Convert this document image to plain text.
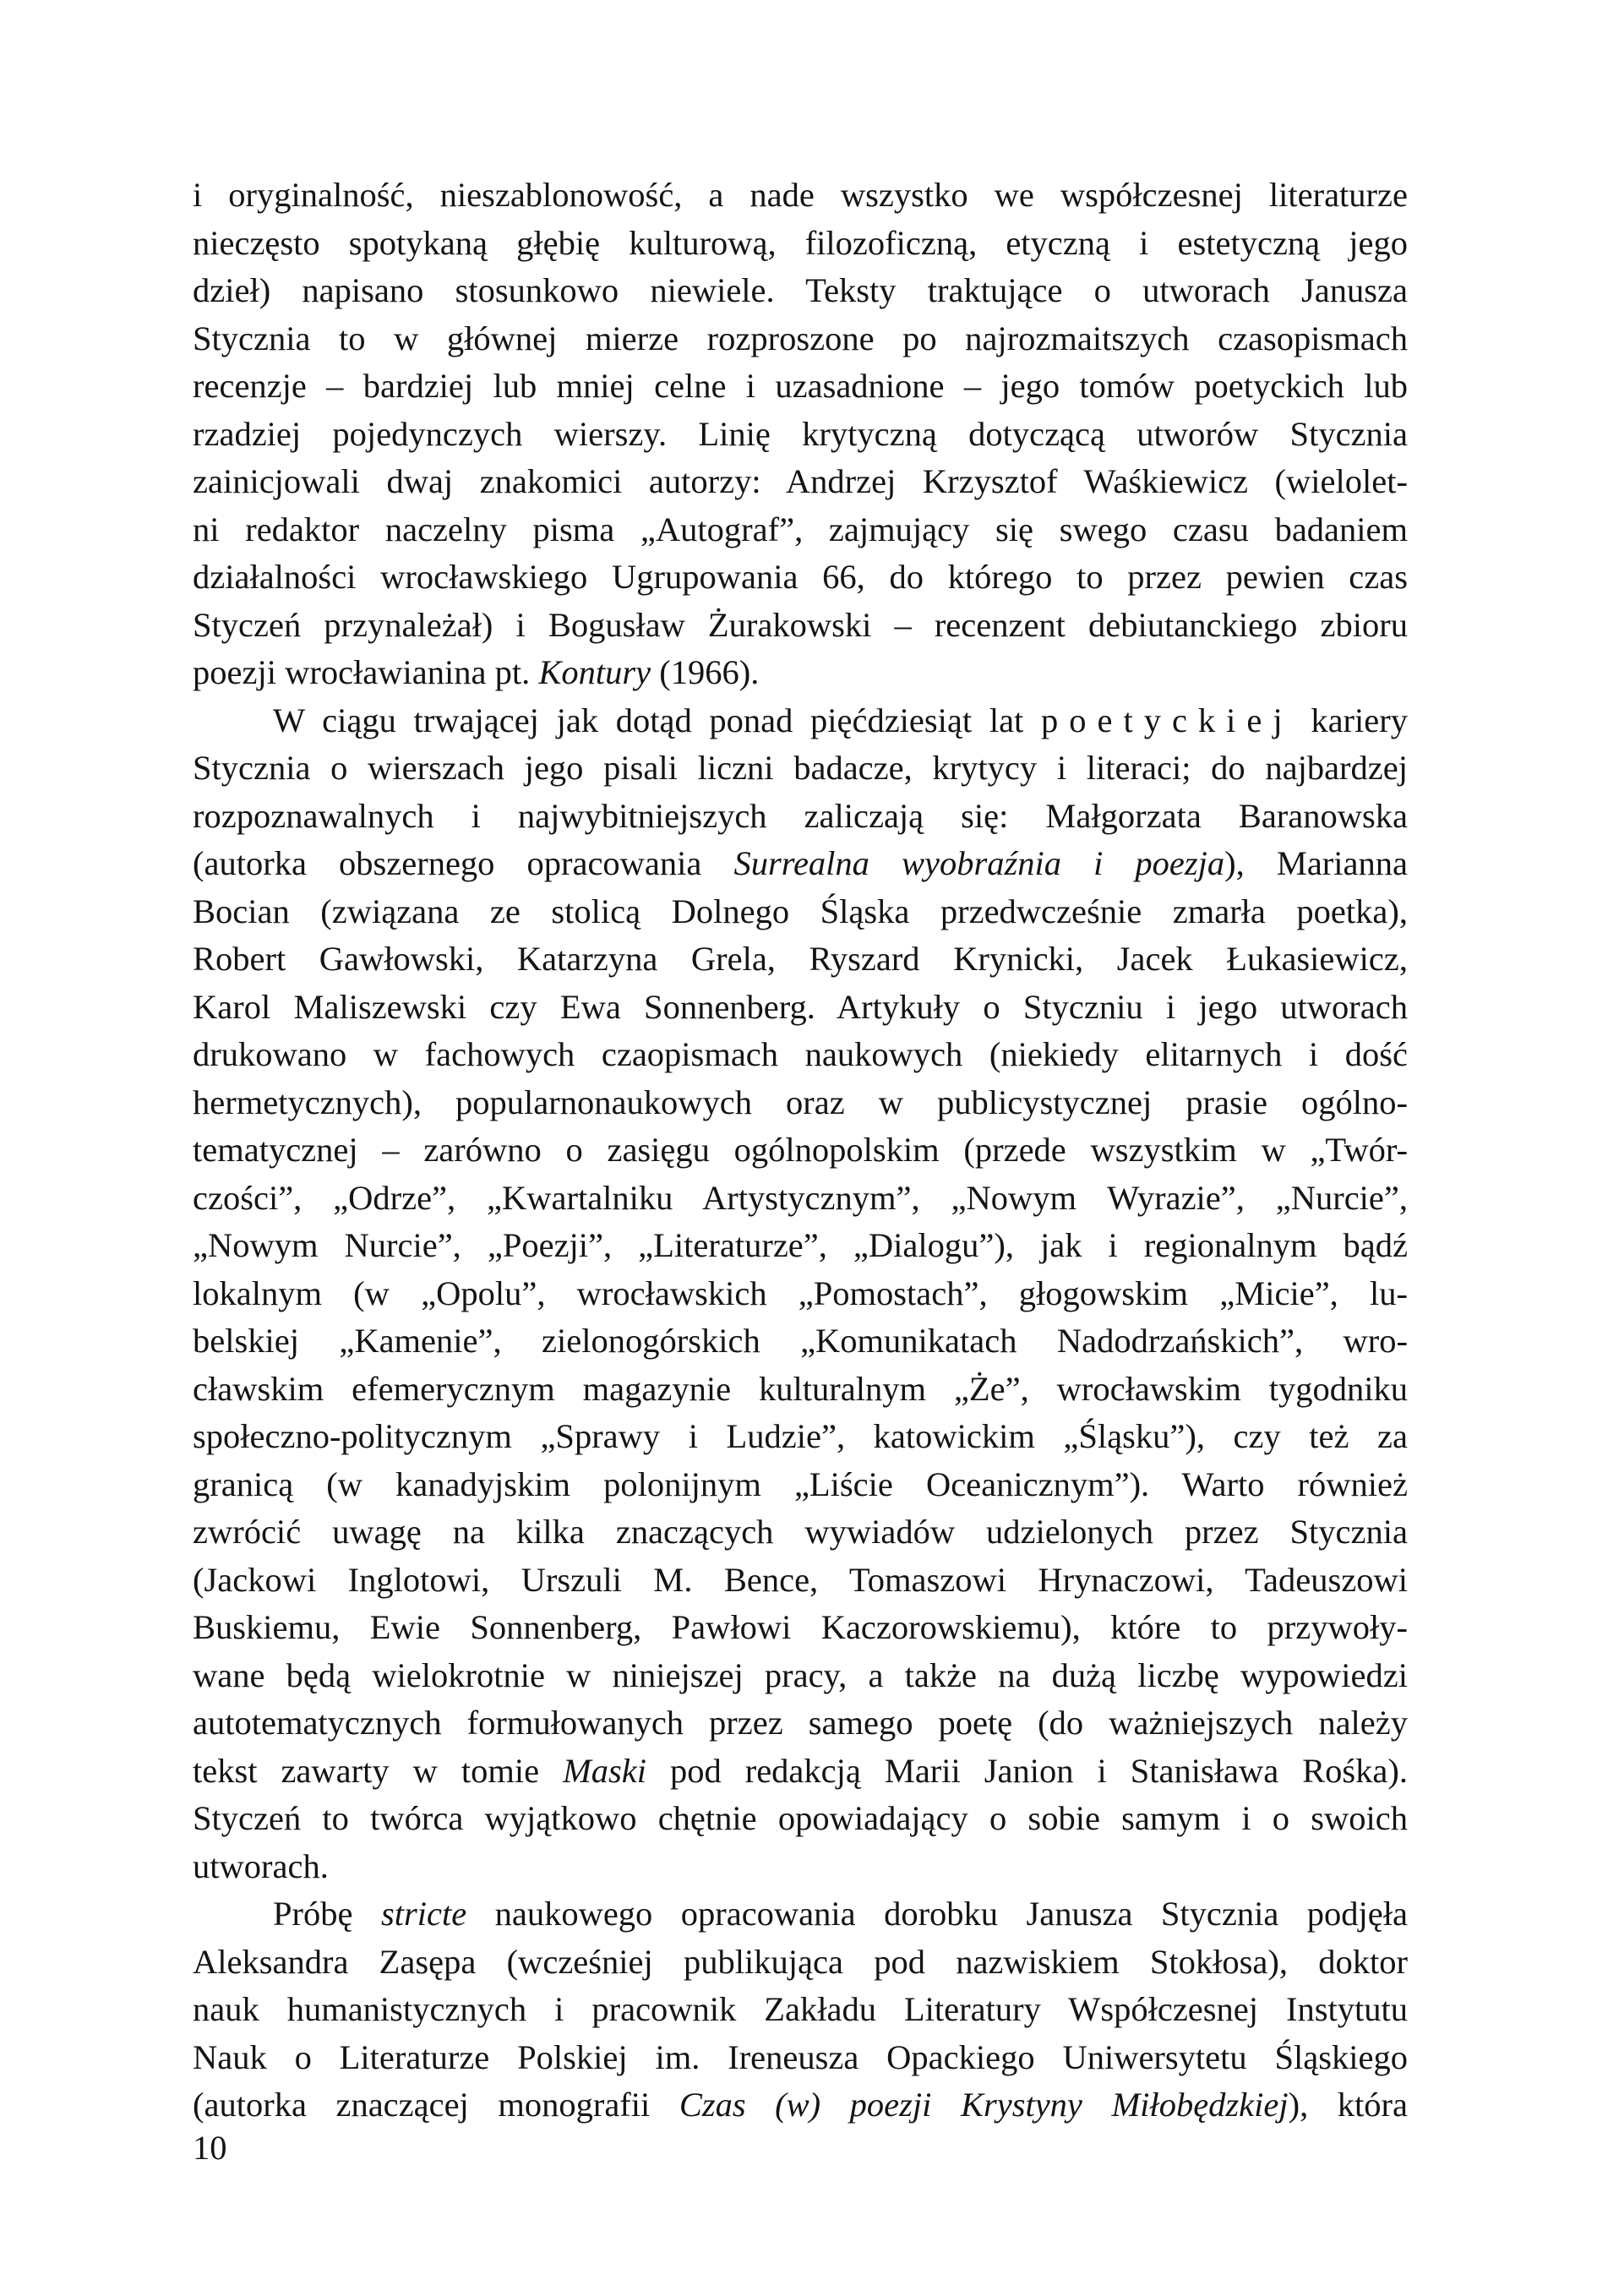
i oryginalność, nieszablonowość, a nade wszystko we współczesnej literaturze
nieczęsto spotykaną głębię kulturową, filozoficzną, etyczną i estetyczną jego
dzieł) napisano stosunkowo niewiele. Teksty traktujące o utworach Janusza
Stycznia to w głównej mierze rozproszone po najrozmaitszych czasopismach
recenzje – bardziej lub mniej celne i uzasadnione – jego tomów poetyckich lub
rzadziej pojedynczych wierszy. Linię krytyczną dotyczącą utworów Stycznia
zainicjowali dwaj znakomici autorzy: Andrzej Krzysztof Waśkiewicz (wielolet-
ni redaktor naczelny pisma „Autograf”, zajmujący się swego czasu badaniem
działalności wrocławskiego Ugrupowania 66, do którego to przez pewien czas
Styczeń przynależał) i Bogusław Żurakowski – recenzent debiutanckiego zbioru
poezji wrocławianina pt. Kontury (1966).
W ciągu trwającej jak dotąd ponad pięćdziesiąt lat poetyckiej kariery
Stycznia o wierszach jego pisali liczni badacze, krytycy i literaci; do najbardzej
rozpoznawalnych i najwybitniejszych zaliczają się: Małgorzata Baranowska
(autorka obszernego opracowania Surrealna wyobraźnia i poezja), Marianna
Bocian (związana ze stolicą Dolnego Śląska przedwcześnie zmarła poetka),
Robert Gawłowski, Katarzyna Grela, Ryszard Krynicki, Jacek Łukasiewicz,
Karol Maliszewski czy Ewa Sonnenberg. Artykuły o Styczniu i jego utworach
drukowano w fachowych czaopismach naukowych (niekiedy elitarnych i dość
hermetycznych), popularnonaukowych oraz w publicystycznej prasie ogólno-
tematycznej – zarówno o zasięgu ogólnopolskim (przede wszystkim w „Twór-
czości”, „Odrze”, „Kwartalniku Artystycznym”, „Nowym Wyrazie”, „Nurcie”,
„Nowym Nurcie”, „Poezji”, „Literaturze”, „Dialogu”), jak i regionalnym bądź
lokalnym (w „Opolu”, wrocławskich „Pomostach”, głogowskim „Micie”, lu-
belskiej „Kamenie”, zielonogórskich „Komunikatach Nadodrzańskich”, wro-
cławskim efemerycznym magazynie kulturalnym „Że”, wrocławskim tygodniku
społeczno-politycznym „Sprawy i Ludzie”, katowickim „Śląsku”), czy też za
granicą (w kanadyjskim polonijnym „Liście Oceanicznym”). Warto również
zwrócić uwagę na kilka znaczących wywiadów udzielonych przez Stycznia
(Jackowi Inglotowi, Urszuli M. Bence, Tomaszowi Hrynaczowi, Tadeuszowi
Buskiemu, Ewie Sonnenberg, Pawłowi Kaczorowskiemu), które to przywoły-
wane będą wielokrotnie w niniejszej pracy, a także na dużą liczbę wypowiedzi
autotematycznych formułowanych przez samego poetę (do ważniejszych należy
tekst zawarty w tomie Maski pod redakcją Marii Janion i Stanisława Rośka).
Styczeń to twórca wyjątkowo chętnie opowiadający o sobie samym i o swoich
utworach.
Próbę stricte naukowego opracowania dorobku Janusza Stycznia podjęła
Aleksandra Zasępa (wcześniej publikująca pod nazwiskiem Stokłosa), doktor
nauk humanistycznych i pracownik Zakładu Literatury Współczesnej Instytutu
Nauk o Literaturze Polskiej im. Ireneusza Opackiego Uniwersytetu Śląskiego
(autorka znaczącej monografii Czas (w) poezji Krystyny Miłobędzkiej), która
10
